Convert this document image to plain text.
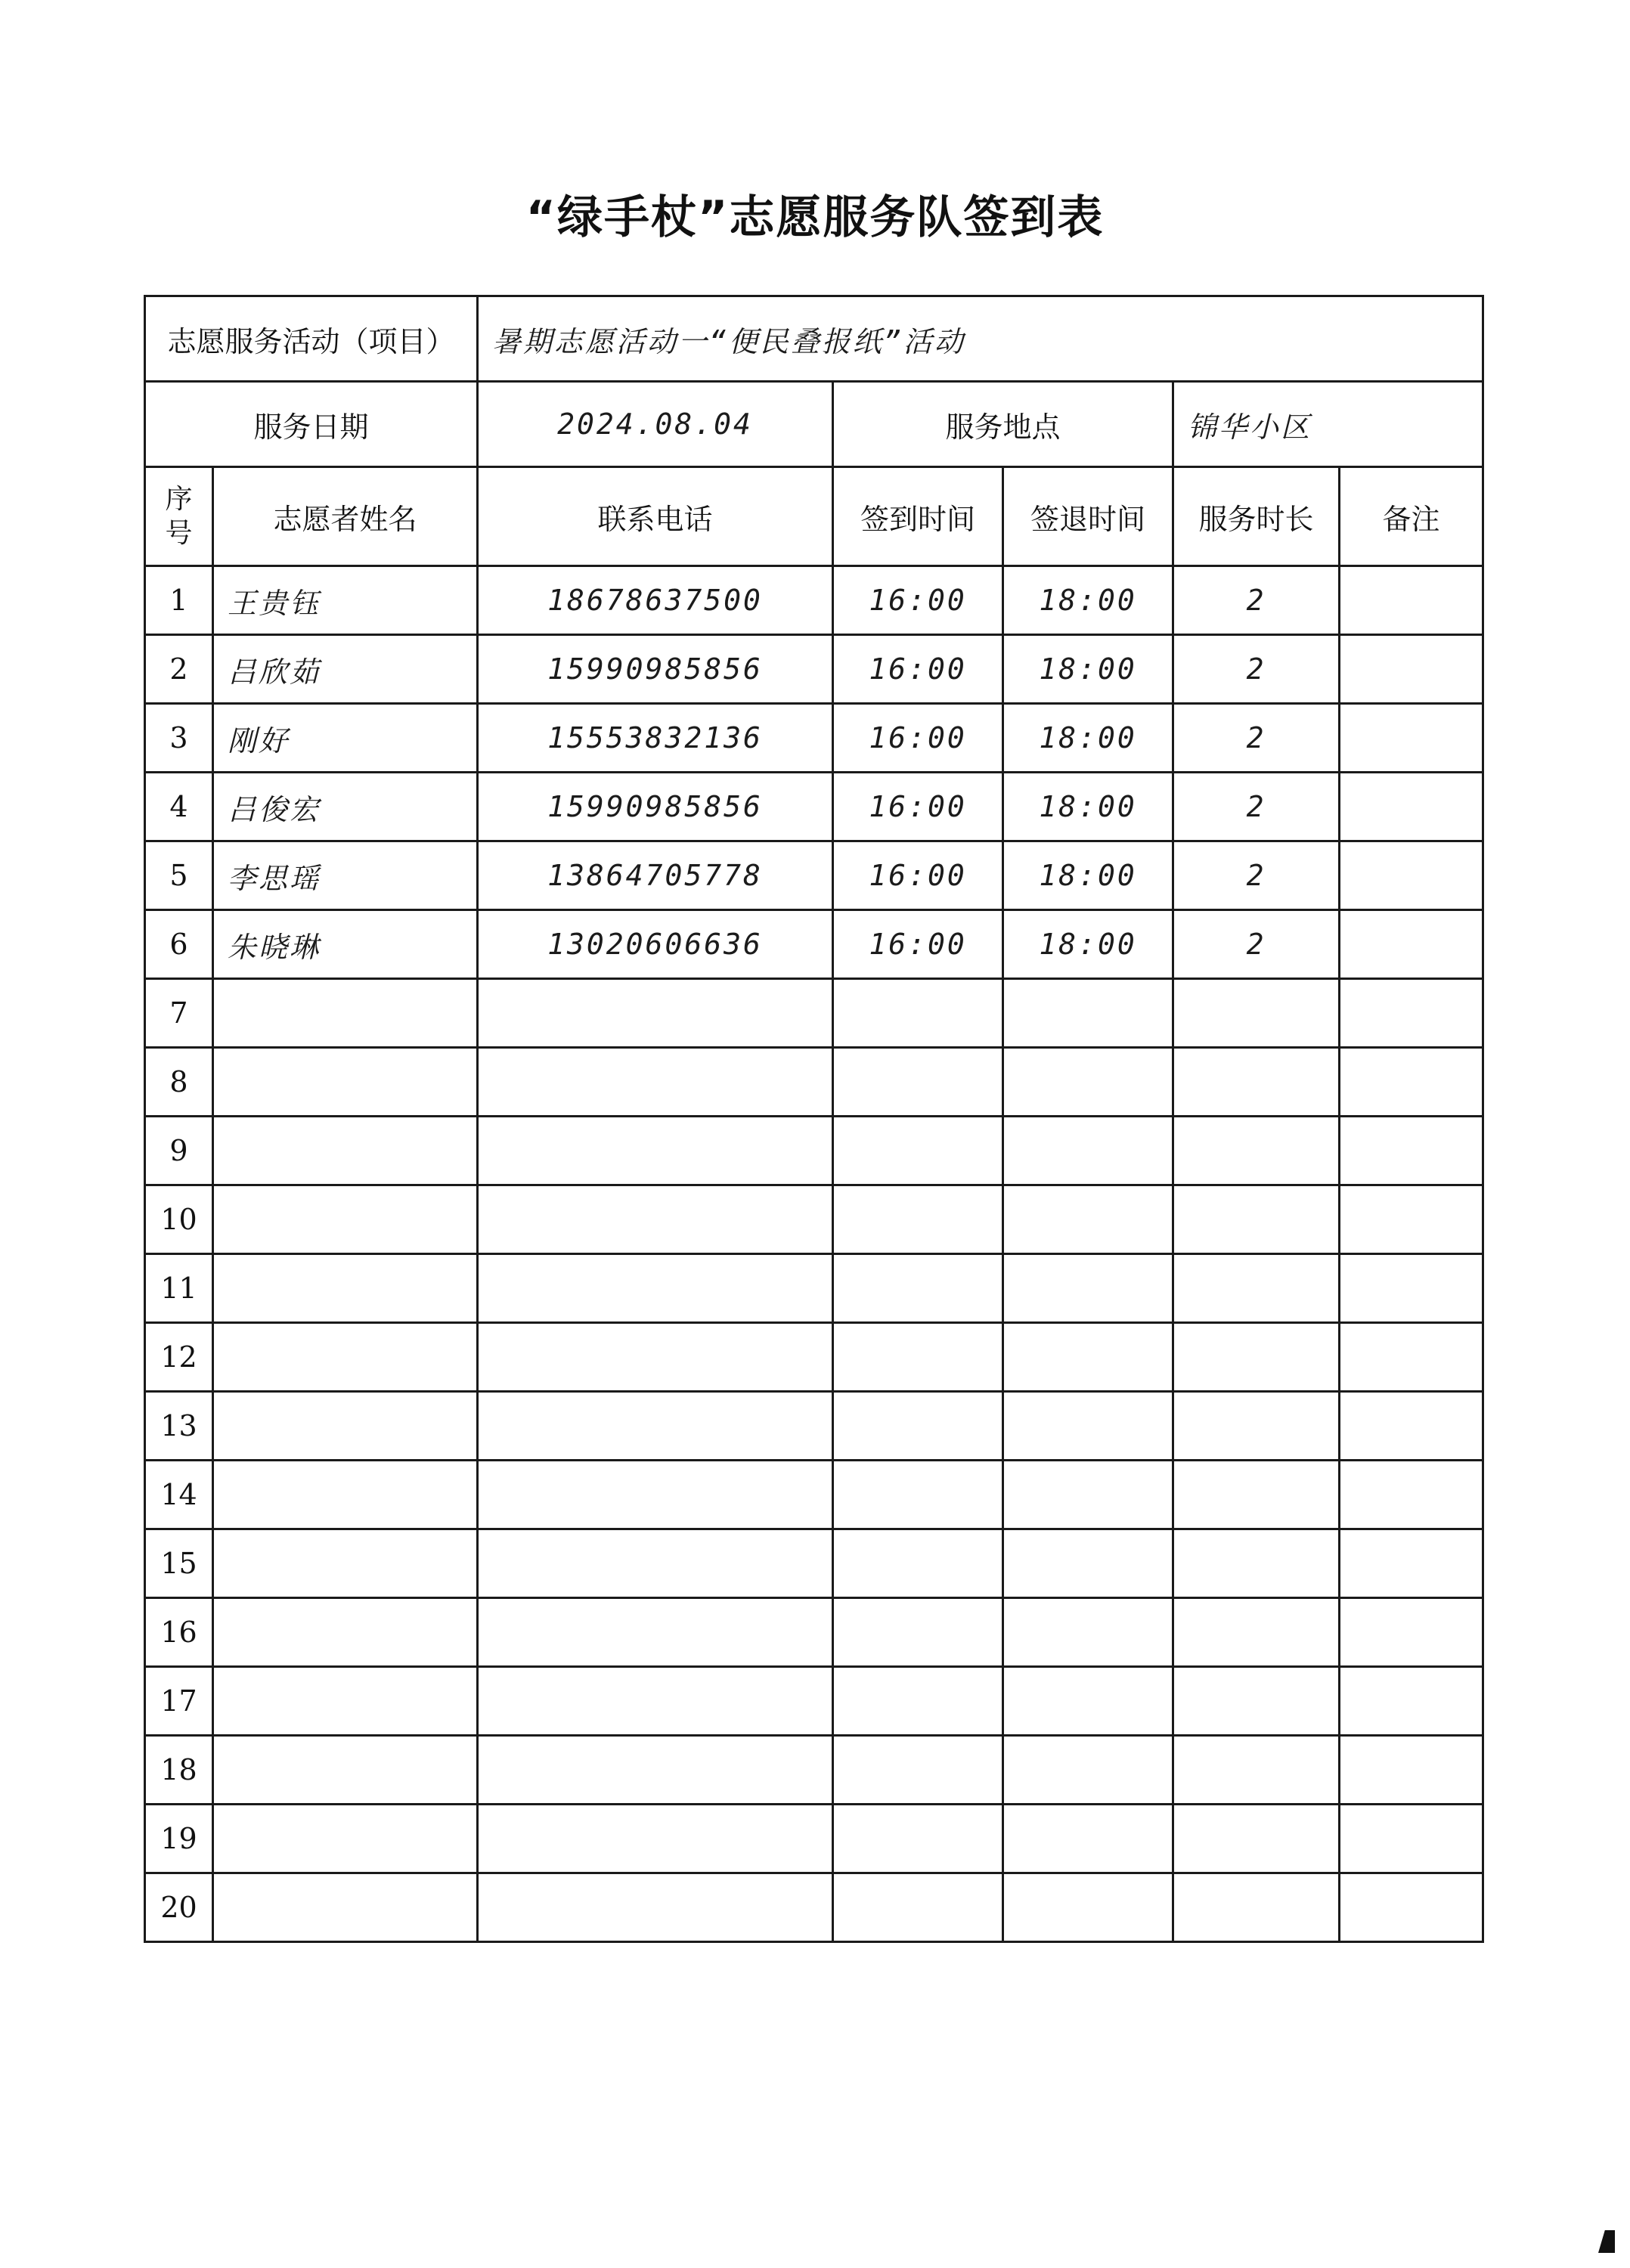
“绿手杖”志愿服务队签到表
志愿服务活动（项目）		暑期志愿活动一“便民叠报纸”活动				
服务日期		2024.08.04	服务地点		锦华小区	
序号	志愿者姓名	联系电话	签到时间	签退时间	服务时长	备注
1	王贵钰	18678637500	16:00	18:00	2	
2	吕欣茹	15990985856	16:00	18:00	2	
3	刚好	15553832136	16:00	18:00	2	
4	吕俊宏	15990985856	16:00	18:00	2	
5	李思瑶	13864705778	16:00	18:00	2	
6	朱晓琳	13020606636	16:00	18:00	2	
7						
8						
9						
10						
11						
12						
13						
14						
15						
16						
17						
18						
19						
20						
